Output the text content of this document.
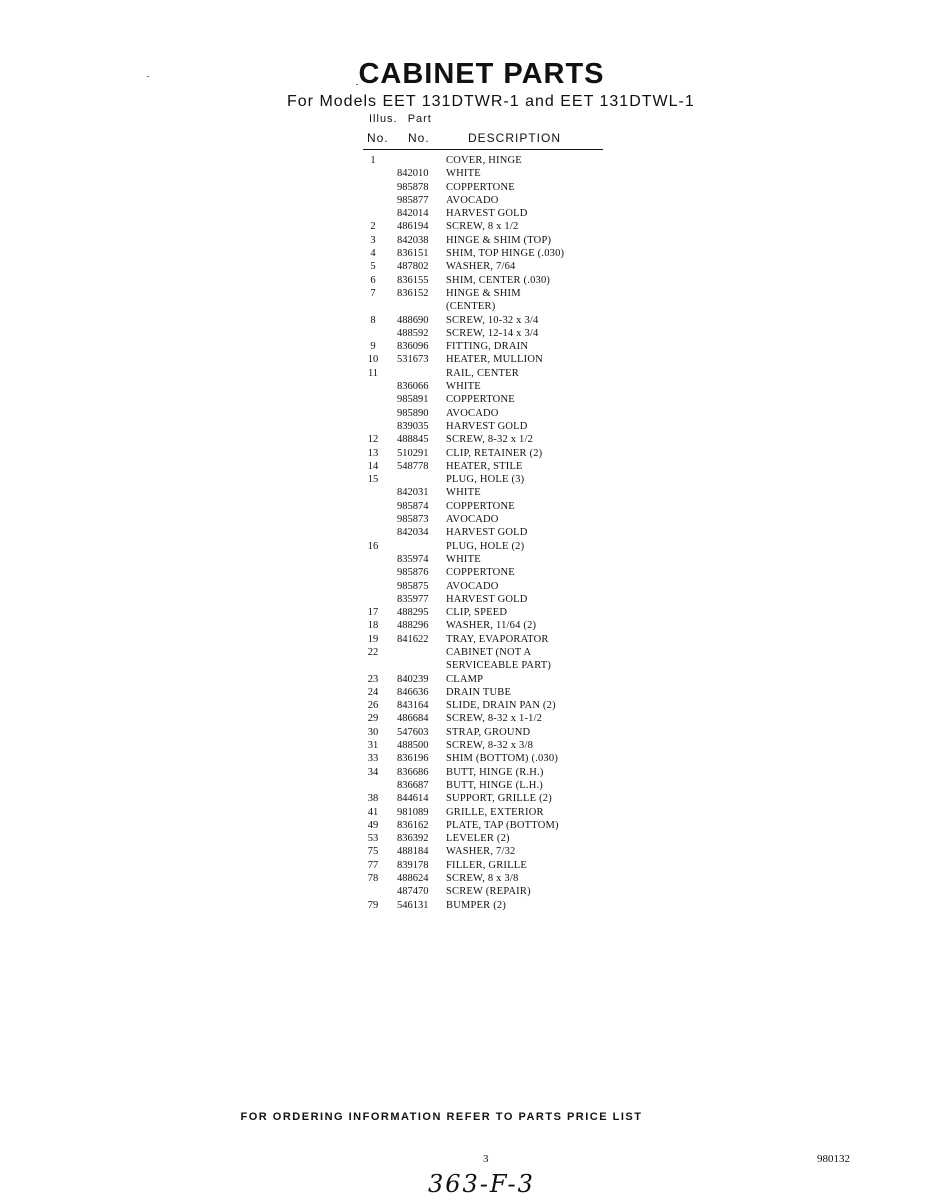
CABINET PARTS
For Models EET 131DTWR-1 and EET 131DTWL-1
Illus. Part
No. No.	DESCRIPTION
1	COVER, HINGE
842010 WHITE
985878 COPPERTONE
985877 AVOCADO
842014 HARVEST GOLD
2	486194 SCREW, 8 x 1/2
3	842038 HINGE & SHIM (TOP)
4	836151 SHIM, TOP HINGE (.030)
5	487802 WASHER, 7/64
6	836155 SHIM, CENTER (.030)
7	836152 HINGE & SHIM
(CENTER)
8	488690 SCREW, 10-32 x 3/4
488592 SCREW, 12-14 x 3/4
9	836096 FITTING, DRAIN
10	531673 HEATER, MULLION
11	RAIL, CENTER
836066 WHITE
985891 COPPERTONE
985890 AVOCADO
839035 HARVEST GOLD
12	488845 SCREW, 8-32 x 1/2
13	510291 CLIP, RETAINER (2)
14	548778 HEATER, STILE
15	PLUG, HOLE (3)
842031 WHITE
985874 COPPERTONE
985873 AVOCADO
842034 HARVEST GOLD
16	PLUG, HOLE (2)
835974 WHITE
985876 COPPERTONE
985875 AVOCADO
835977 HARVEST GOLD
17	488295 CLIP, SPEED
18	488296 WASHER, 11/64 (2)
19	841622 TRAY, EVAPORATOR
22	CABINET (NOT A
SERVICEABLE PART)
23	840239 CLAMP
24	846636 DRAIN TUBE
26	843164 SLIDE, DRAIN PAN (2)
29	486684 SCREW, 8-32 x 1-1/2
30	547603 STRAP, GROUND
31	488500 SCREW, 8-32 x 3/8
33	836196 SHIM (BOTTOM) (.030)
34	836686 BUTT, HINGE (R.H.)
836687 BUTT, HINGE (L.H.)
38	844614 SUPPORT, GRILLE (2)
41	981089 GRILLE, EXTERIOR
49	836162 PLATE, TAP (BOTTOM)
53	836392 LEVELER (2)
75	488184 WASHER, 7/32
77	839178 FILLER, GRILLE
78	488624 SCREW, 8 x 3/8
487470 SCREW (REPAIR)
79	546131 BUMPER (2)
FOR ORDERING INFORMATION REFER TO PARTS PRICE LIST
3	980132
363-F-3
